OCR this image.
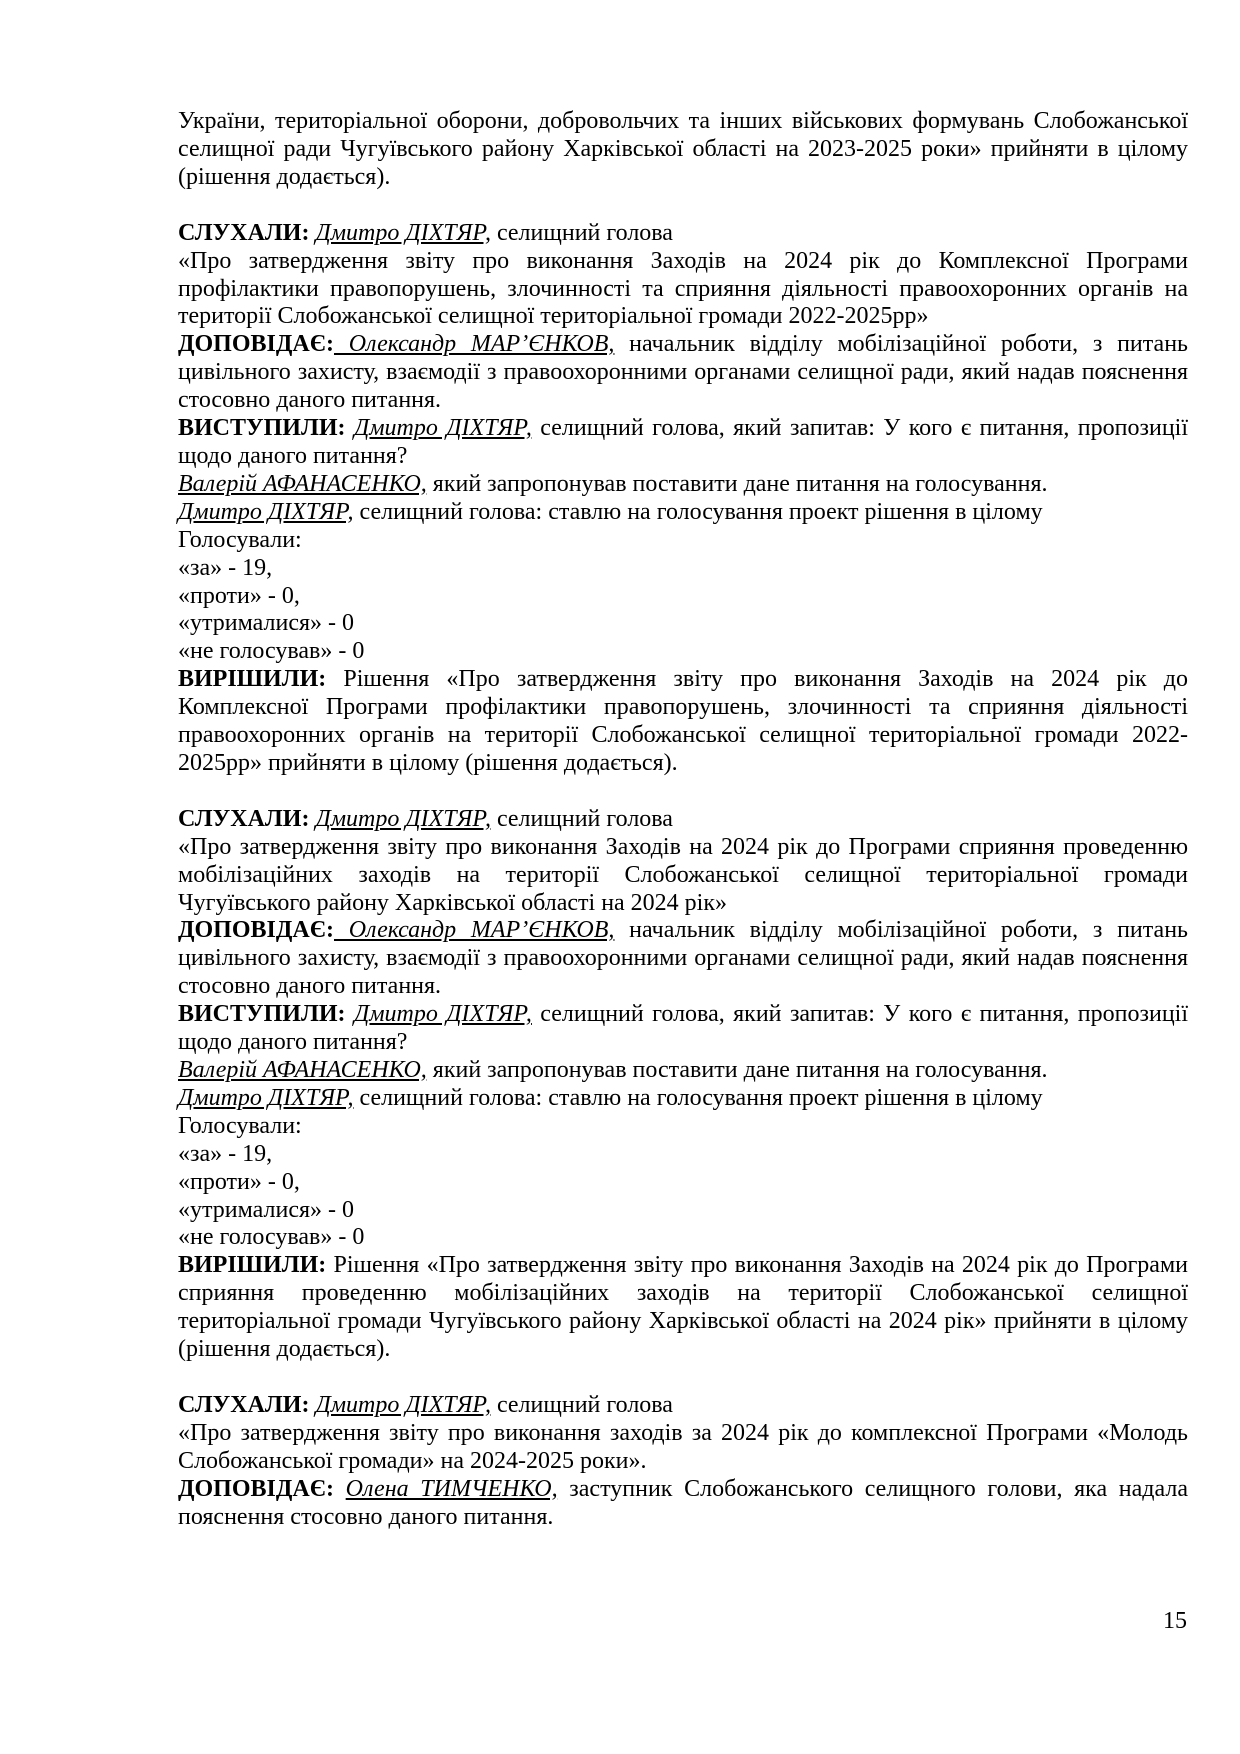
України, територіальної оборони, добровольчих та інших військових формувань Слобожанської селищної ради Чугуївського району Харківської області на 2023-2025 роки» прийняти в цілому (рішення додається).

СЛУХАЛИ: Дмитро ДІХТЯР, селищний голова

«Про затвердження звіту про виконання Заходів на 2024 рік до Комплексної Програми профілактики правопорушень, злочинності та сприяння діяльності правоохоронних органів на території Слобожанської селищної територіальної громади 2022-2025рр»

ДОПОВІДАЄ: Олександр МАР’ЄНКОВ, начальник відділу мобілізаційної роботи, з питань цивільного захисту, взаємодії з правоохоронними органами селищної ради, який надав пояснення стосовно даного питання.

ВИСТУПИЛИ: Дмитро ДІХТЯР, селищний голова, який запитав: У кого є питання, пропозиції щодо даного питання?

Валерій АФАНАСЕНКО, який запропонував поставити дане питання на голосування.

Дмитро ДІХТЯР, селищний голова: ставлю на голосування проект рішення в цілому

Голосували:

«за» - 19,

«проти» - 0,

«утрималися» - 0

«не голосував» - 0

ВИРІШИЛИ: Рішення «Про затвердження звіту про виконання Заходів на 2024 рік до Комплексної Програми профілактики правопорушень, злочинності та сприяння діяльності правоохоронних органів на території Слобожанської селищної територіальної громади 2022-2025рр» прийняти в цілому (рішення додається).

СЛУХАЛИ: Дмитро ДІХТЯР, селищний голова

«Про затвердження звіту про виконання Заходів на 2024 рік до Програми сприяння проведенню мобілізаційних заходів на території Слобожанської селищної територіальної громади Чугуївського району Харківської області на 2024 рік»

ДОПОВІДАЄ: Олександр МАР’ЄНКОВ, начальник відділу мобілізаційної роботи, з питань цивільного захисту, взаємодії з правоохоронними органами селищної ради, який надав пояснення стосовно даного питання.

ВИСТУПИЛИ: Дмитро ДІХТЯР, селищний голова, який запитав: У кого є питання, пропозиції щодо даного питання?

Валерій АФАНАСЕНКО, який запропонував поставити дане питання на голосування.

Дмитро ДІХТЯР, селищний голова: ставлю на голосування проект рішення в цілому

Голосували:

«за» - 19,

«проти» - 0,

«утрималися» - 0

«не голосував» - 0

ВИРІШИЛИ: Рішення «Про затвердження звіту про виконання Заходів на 2024 рік до Програми сприяння проведенню мобілізаційних заходів на території Слобожанської селищної територіальної громади Чугуївського району Харківської області на 2024 рік» прийняти в цілому (рішення додається).

СЛУХАЛИ: Дмитро ДІХТЯР, селищний голова

«Про затвердження звіту про виконання заходів за 2024 рік до комплексної Програми «Молодь Слобожанської громади» на 2024-2025 роки».

ДОПОВІДАЄ: Олена ТИМЧЕНКО, заступник Слобожанського селищного голови, яка надала пояснення стосовно даного питання.

15
